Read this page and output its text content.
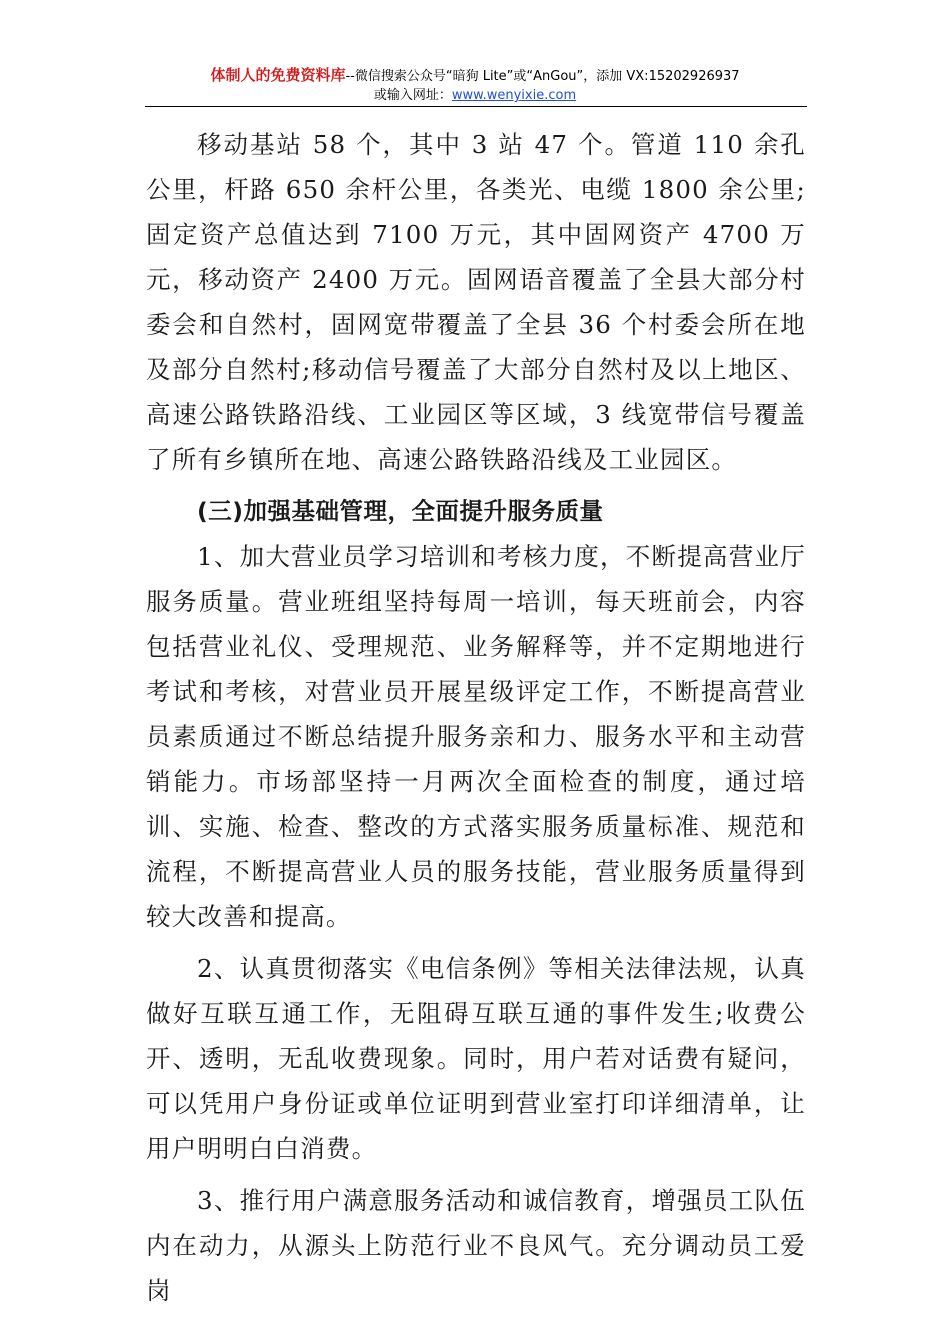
体制人的免费资料库--微信搜索公众号“暗狗 Lite”或“AnGou”，添加 VX:15202926937
或输入网址：www.wenyixie.com

移动基站 58 个，其中 3 站 47 个。管道 110 余孔公里，杆路 650 余杆公里，各类光、电缆 1800 余公里;固定资产总值达到 7100 万元，其中固网资产 4700 万元，移动资产 2400 万元。固网语音覆盖了全县大部分村委会和自然村，固网宽带覆盖了全县 36 个村委会所在地及部分自然村;移动信号覆盖了大部分自然村及以上地区、高速公路铁路沿线、工业园区等区域，3 线宽带信号覆盖了所有乡镇所在地、高速公路铁路沿线及工业园区。

(三)加强基础管理，全面提升服务质量

1、加大营业员学习培训和考核力度，不断提高营业厅服务质量。营业班组坚持每周一培训，每天班前会，内容包括营业礼仪、受理规范、业务解释等，并不定期地进行考试和考核，对营业员开展星级评定工作，不断提高营业员素质通过不断总结提升服务亲和力、服务水平和主动营销能力。市场部坚持一月两次全面检查的制度，通过培训、实施、检查、整改的方式落实服务质量标准、规范和流程，不断提高营业人员的服务技能，营业服务质量得到较大改善和提高。

2、认真贯彻落实《电信条例》等相关法律法规，认真做好互联互通工作，无阻碍互联互通的事件发生;收费公开、透明，无乱收费现象。同时，用户若对话费有疑问，可以凭用户身份证或单位证明到营业室打印详细清单，让用户明明白白消费。

3、推行用户满意服务活动和诚信教育，增强员工队伍内在动力，从源头上防范行业不良风气。充分调动员工爱岗
